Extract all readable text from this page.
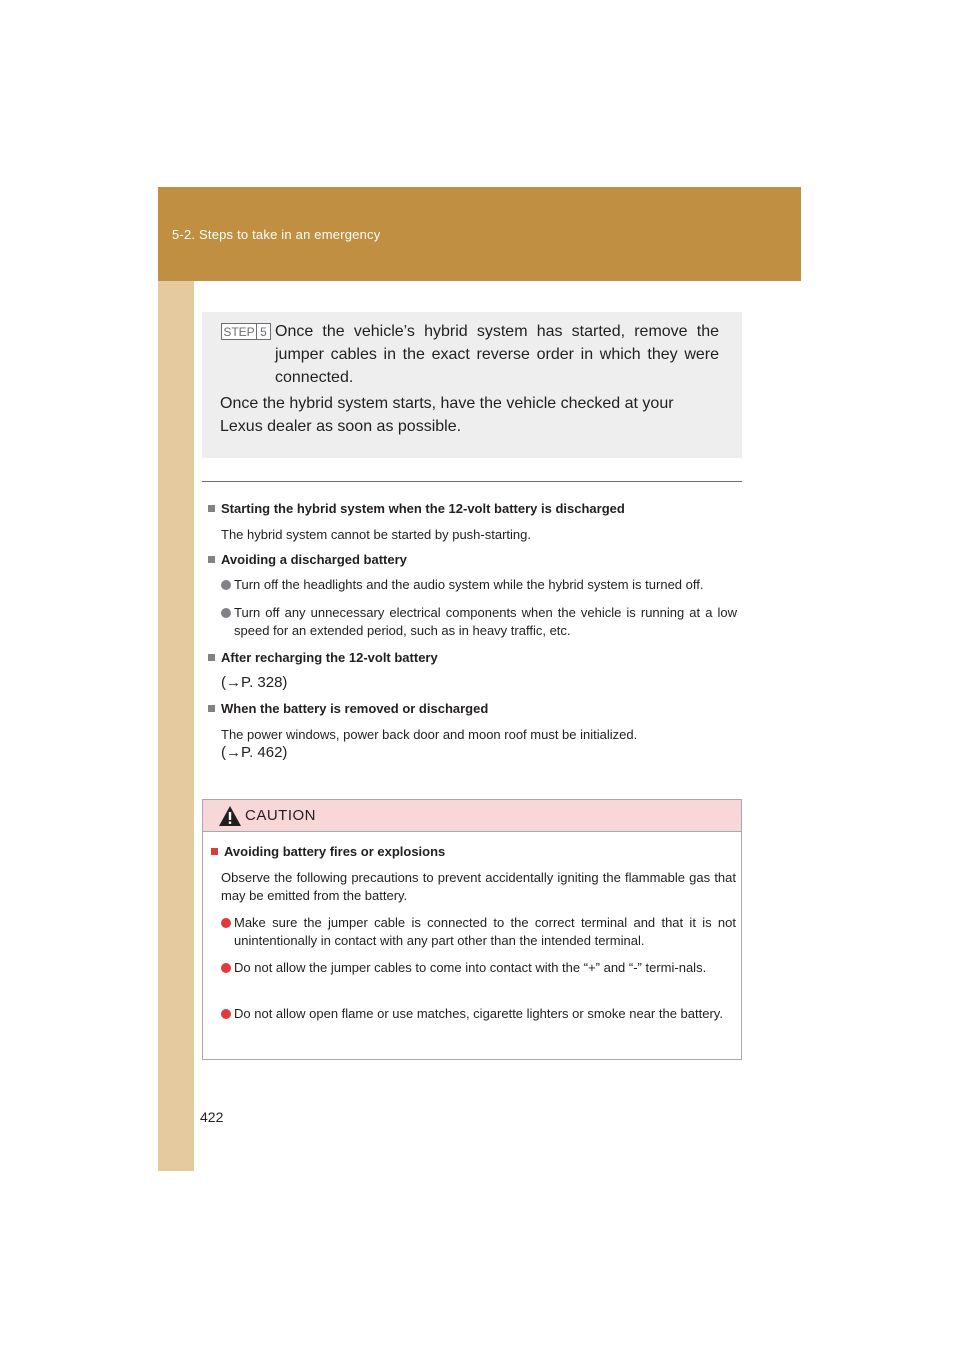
5-2. Steps to take in an emergency
STEP 5 Once the vehicle’s hybrid system has started, remove the jumper cables in the exact reverse order in which they were connected.
Once the hybrid system starts, have the vehicle checked at your Lexus dealer as soon as possible.
Starting the hybrid system when the 12-volt battery is discharged
The hybrid system cannot be started by push-starting.
Avoiding a discharged battery
Turn off the headlights and the audio system while the hybrid system is turned off.
Turn off any unnecessary electrical components when the vehicle is running at a low speed for an extended period, such as in heavy traffic, etc.
After recharging the 12-volt battery
(→P. 328)
When the battery is removed or discharged
The power windows, power back door and moon roof must be initialized.
(→P. 462)
CAUTION
Avoiding battery fires or explosions
Observe the following precautions to prevent accidentally igniting the flammable gas that may be emitted from the battery.
Make sure the jumper cable is connected to the correct terminal and that it is not unintentionally in contact with any part other than the intended terminal.
Do not allow the jumper cables to come into contact with the “+” and “-” termi-nals.
Do not allow open flame or use matches, cigarette lighters or smoke near the battery.
422
